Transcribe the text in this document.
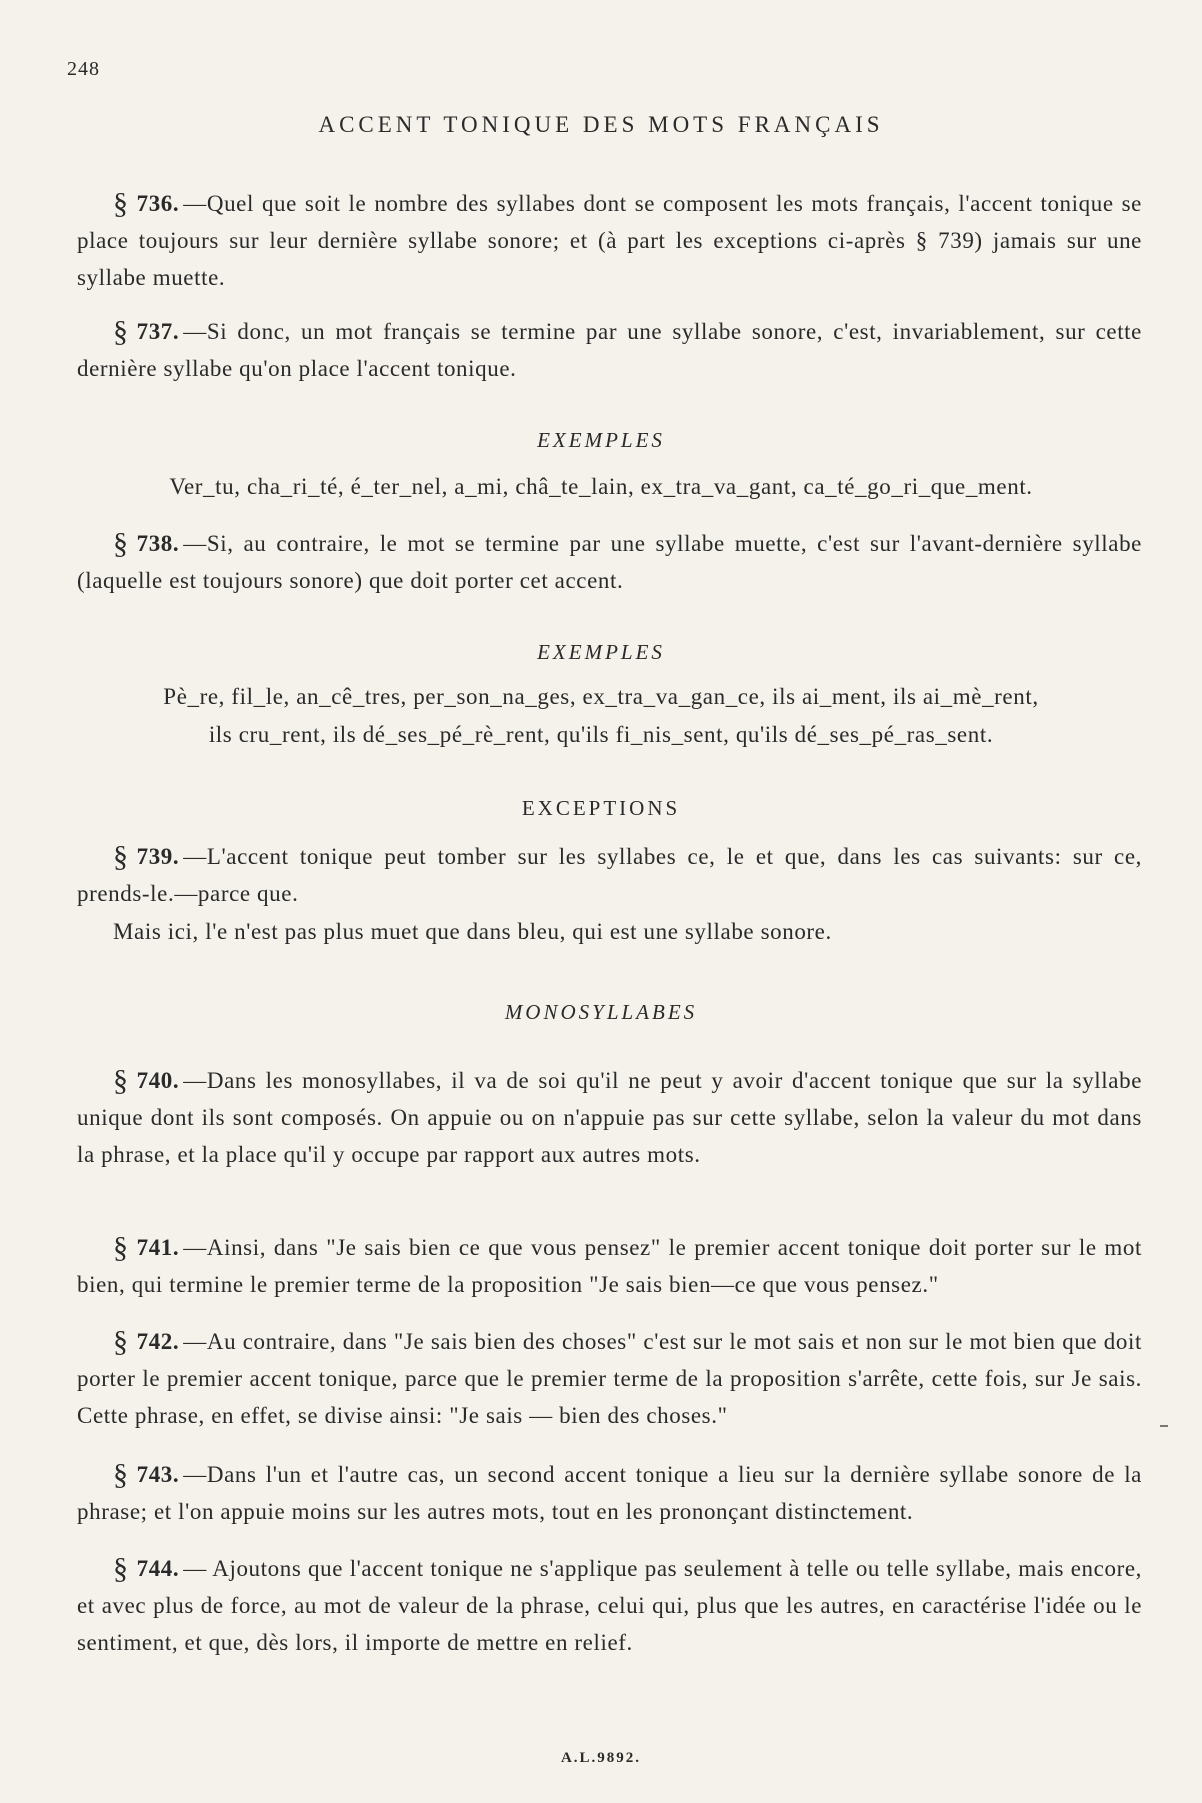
248
ACCENT TONIQUE DES MOTS FRANÇAIS
§ 736. —Quel que soit le nombre des syllabes dont se composent les mots français, l'accent tonique se place toujours sur leur dernière syllabe sonore; et (à part les exceptions ci-après § 739) jamais sur une syllabe muette.
§ 737. —Si donc, un mot français se termine par une syllabe sonore, c'est, invariablement, sur cette dernière syllabe qu'on place l'accent tonique.
EXEMPLES
Ver_tu, cha_ri_té, é_ter_nel, a_mi, châ_te_lain, ex_tra_va_gant, ca_té_go_ri_que_ment.
§ 738. —Si, au contraire, le mot se termine par une syllabe muette, c'est sur l'avant-dernière syllabe (laquelle est toujours sonore) que doit porter cet accent.
EXEMPLES
Pè_re, fil_le, an_cê_tres, per_son_na_ges, ex_tra_va_gan_ce, ils ai_ment, ils ai_mè_rent,
ils cru_rent, ils dé_ses_pé_rè_rent, qu'ils fi_nis_sent, qu'ils dé_ses_pé_ras_sent.
EXCEPTIONS
§ 739. —L'accent tonique peut tomber sur les syllabes ce, le et que, dans les cas suivants: sur ce, prends-le.—parce que.
Mais ici, l'e n'est pas plus muet que dans bleu, qui est une syllabe sonore.
MONOSYLLABES
§ 740. —Dans les monosyllabes, il va de soi qu'il ne peut y avoir d'accent tonique que sur la syllabe unique dont ils sont composés. On appuie ou on n'appuie pas sur cette syllabe, selon la valeur du mot dans la phrase, et la place qu'il y occupe par rapport aux autres mots.
§ 741. —Ainsi, dans "Je sais bien ce que vous pensez" le premier accent tonique doit porter sur le mot bien, qui termine le premier terme de la proposition "Je sais bien—ce que vous pensez."
§ 742. —Au contraire, dans "Je sais bien des choses" c'est sur le mot sais et non sur le mot bien que doit porter le premier accent tonique, parce que le premier terme de la proposition s'arrête, cette fois, sur Je sais. Cette phrase, en effet, se divise ainsi: "Je sais — bien des choses."
§ 743. —Dans l'un et l'autre cas, un second accent tonique a lieu sur la dernière syllabe sonore de la phrase; et l'on appuie moins sur les autres mots, tout en les prononçant distinctement.
§ 744. — Ajoutons que l'accent tonique ne s'applique pas seulement à telle ou telle syllabe, mais encore, et avec plus de force, au mot de valeur de la phrase, celui qui, plus que les autres, en caractérise l'idée ou le sentiment, et que, dès lors, il importe de mettre en relief.
A.L.9892.
